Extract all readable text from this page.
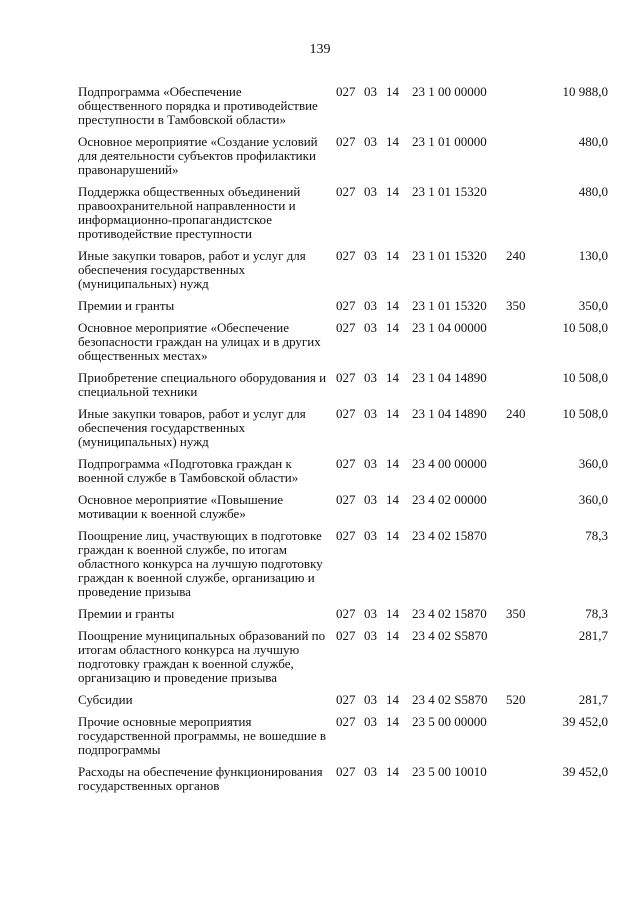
139
Подпрограмма «Обеспечение общественного порядка и противодействие преступности в Тамбовской области»	027	03	14	23 1 00 00000		10 988,0
Основное мероприятие «Создание условий для деятельности субъектов профилактики правонарушений»	027	03	14	23 1 01 00000		480,0
Поддержка общественных объединений правоохранительной направленности и информационно-пропагандистское противодействие преступности	027	03	14	23 1 01 15320		480,0
Иные закупки товаров, работ и услуг для обеспечения государственных (муниципальных) нужд	027	03	14	23 1 01 15320	240	130,0
Премии и гранты	027	03	14	23 1 01 15320	350	350,0
Основное мероприятие «Обеспечение безопасности граждан на улицах и в других общественных местах»	027	03	14	23 1 04 00000		10 508,0
Приобретение специального оборудования и специальной техники	027	03	14	23 1 04 14890		10 508,0
Иные закупки товаров, работ и услуг для обеспечения государственных (муниципальных) нужд	027	03	14	23 1 04 14890	240	10 508,0
Подпрограмма «Подготовка граждан к военной службе в Тамбовской области»	027	03	14	23 4 00 00000		360,0
Основное мероприятие «Повышение мотивации к военной службе»	027	03	14	23 4 02 00000		360,0
Поощрение лиц, участвующих в подготовке граждан к военной службе, по итогам областного конкурса на лучшую подготовку граждан к военной службе, организацию и проведение призыва	027	03	14	23 4 02 15870		78,3
Премии и гранты	027	03	14	23 4 02 15870	350	78,3
Поощрение муниципальных образований по итогам областного конкурса на лучшую подготовку граждан к военной службе, организацию и проведение призыва	027	03	14	23 4 02 S5870		281,7
Субсидии	027	03	14	23 4 02 S5870	520	281,7
Прочие основные мероприятия государственной программы, не вошедшие в подпрограммы	027	03	14	23 5 00 00000		39 452,0
Расходы на обеспечение функционирования государственных органов	027	03	14	23 5 00 10010		39 452,0
